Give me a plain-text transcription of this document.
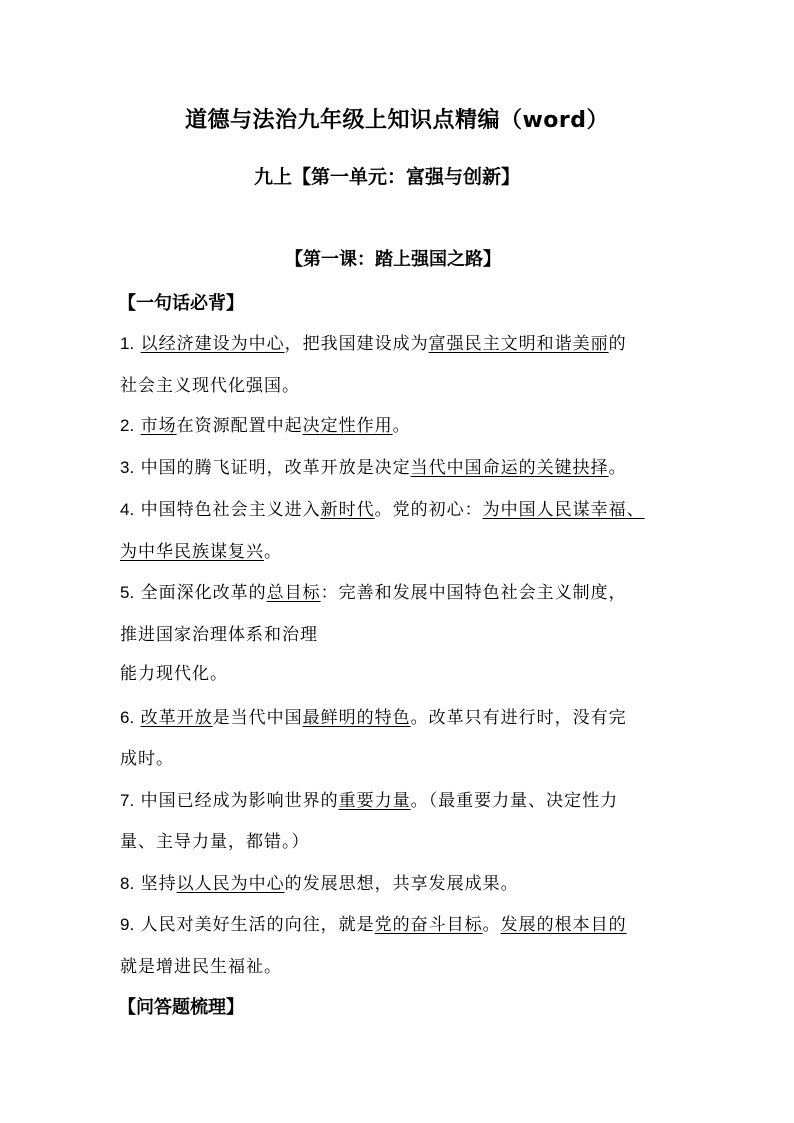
道德与法治九年级上知识点精编（word）
九上【第一单元：富强与创新】
【第一课：踏上强国之路】
【一句话必背】
1. 以经济建设为中心，把我国建设成为富强民主文明和谐美丽的
社会主义现代化强国。
2. 市场在资源配置中起决定性作用。
3. 中国的腾飞证明，改革开放是决定当代中国命运的关键抉择。
4. 中国特色社会主义进入新时代。党的初心：为中国人民谋幸福、
为中华民族谋复兴。
5. 全面深化改革的总目标：完善和发展中国特色社会主义制度，
推进国家治理体系和治理
能力现代化。
6. 改革开放是当代中国最鲜明的特色。改革只有进行时，没有完
成时。
7. 中国已经成为影响世界的重要力量。（最重要力量、决定性力
量、主导力量，都错。）
8. 坚持以人民为中心的发展思想，共享发展成果。
9. 人民对美好生活的向往，就是党的奋斗目标。发展的根本目的
就是增进民生福祉。
【问答题梳理】
